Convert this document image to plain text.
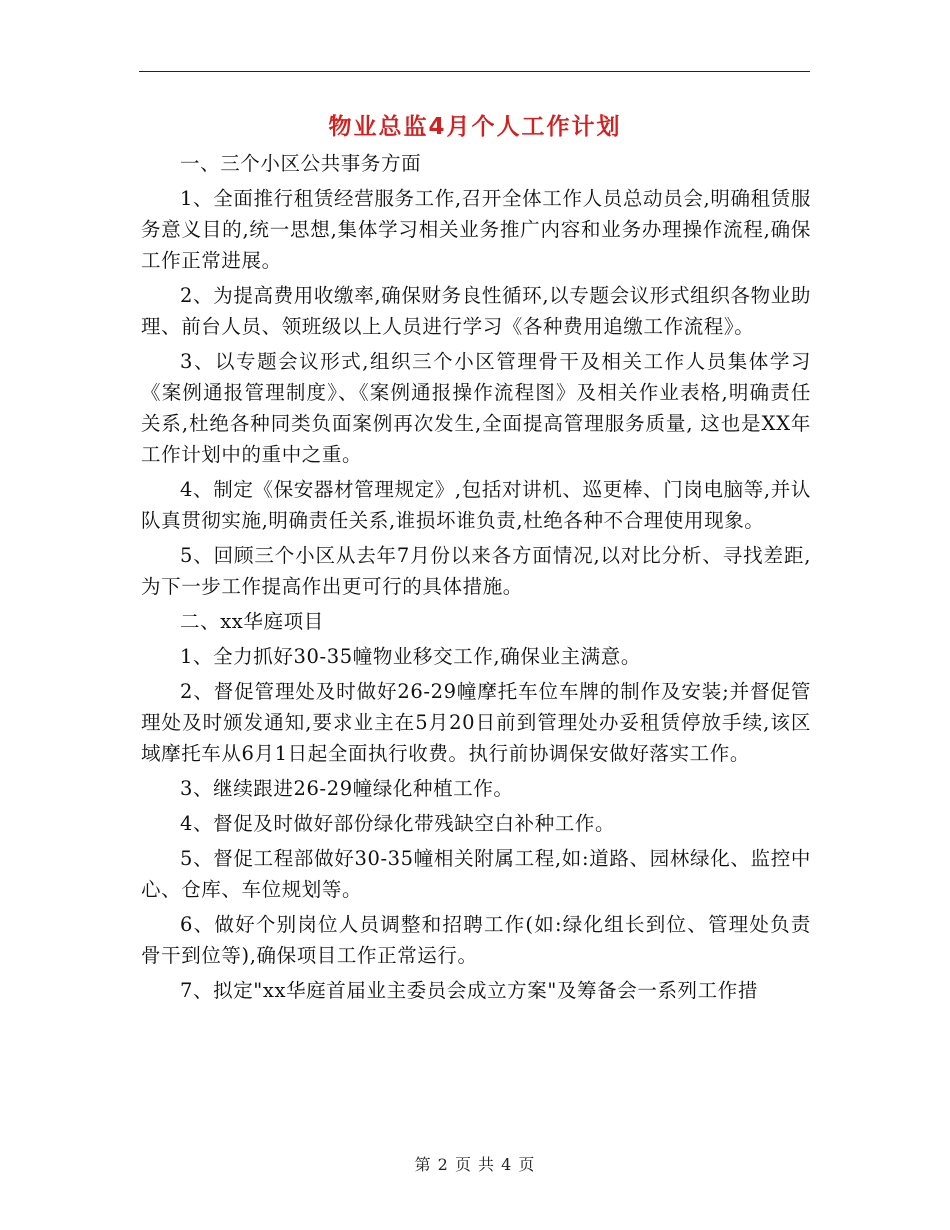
物业总监4月个人工作计划

一、三个小区公共事务方面

1、全面推行租赁经营服务工作,召开全体工作人员总动员会,明确租赁服务意义目的,统一思想,集体学习相关业务推广内容和业务办理操作流程,确保工作正常进展。

2、为提高费用收缴率,确保财务良性循环,以专题会议形式组织各物业助理、前台人员、领班级以上人员进行学习《各种费用追缴工作流程》。

3、以专题会议形式,组织三个小区管理骨干及相关工作人员集体学习《案例通报管理制度》、《案例通报操作流程图》及相关作业表格,明确责任关系,杜绝各种同类负面案例再次发生,全面提高管理服务质量, 这也是XX年工作计划中的重中之重。

4、制定《保安器材管理规定》,包括对讲机、巡更棒、门岗电脑等,并认队真贯彻实施,明确责任关系,谁损坏谁负责,杜绝各种不合理使用现象。

5、回顾三个小区从去年7月份以来各方面情况,以对比分析、寻找差距,为下一步工作提高作出更可行的具体措施。

二、xx华庭项目

1、全力抓好30-35幢物业移交工作,确保业主满意。

2、督促管理处及时做好26-29幢摩托车位车牌的制作及安装;并督促管理处及时颁发通知,要求业主在5月20日前到管理处办妥租赁停放手续,该区域摩托车从6月1日起全面执行收费。执行前协调保安做好落实工作。

3、继续跟进26-29幢绿化种植工作。

4、督促及时做好部份绿化带残缺空白补种工作。

5、督促工程部做好30-35幢相关附属工程,如:道路、园林绿化、监控中心、仓库、车位规划等。

6、做好个别岗位人员调整和招聘工作(如:绿化组长到位、管理处负责骨干到位等),确保项目工作正常运行。

7、拟定"xx华庭首届业主委员会成立方案"及筹备会一系列工作措

第 2 页 共 4 页
